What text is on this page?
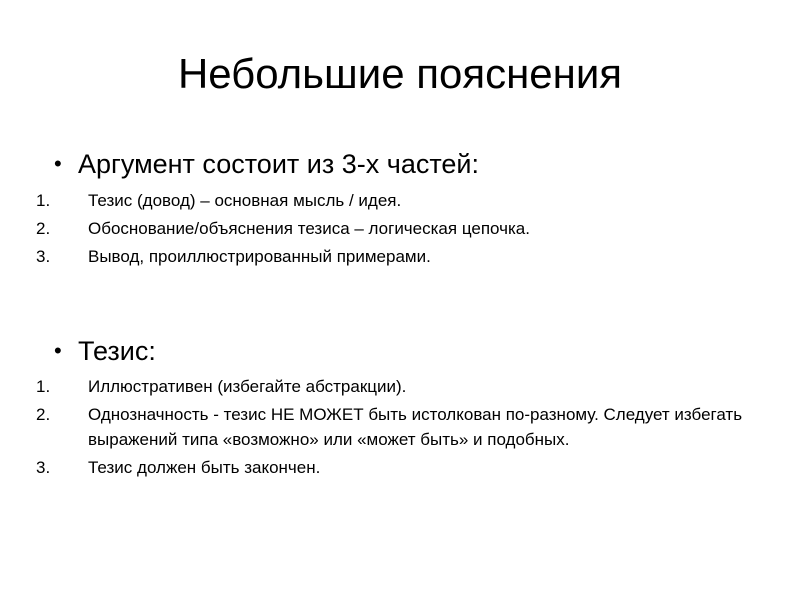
Небольшие пояснения
• Аргумент состоит из 3-х частей:
1.	Тезис (довод) – основная мысль / идея.
2.	Обоснование/объяснения тезиса – логическая цепочка.
3.	Вывод, проиллюстрированный примерами.
• Тезис:
1.	Иллюстративен (избегайте абстракции).
2.	Однозначность - тезис НЕ МОЖЕТ быть истолкован по-разному. Следует избегать выражений типа «возможно» или «может быть» и подобных.
3.	Тезис должен быть закончен.
